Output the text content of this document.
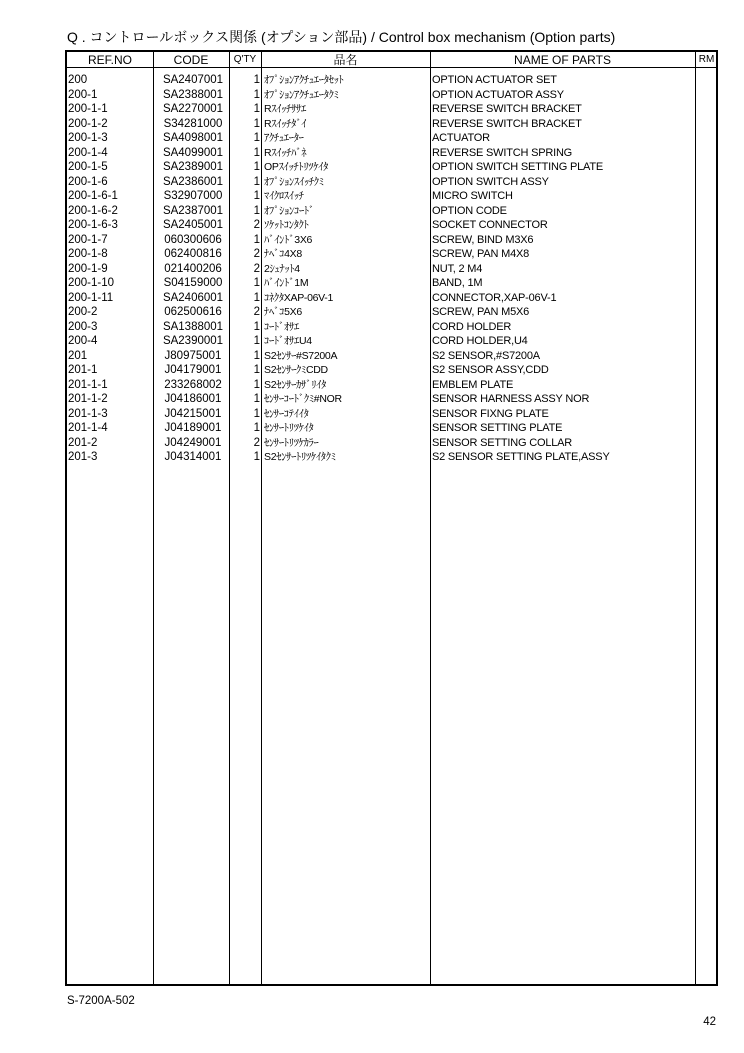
Q . コントロールボックス関係 (オプション部品) / Control box mechanism (Option parts)
REF.NO	CODE	Q'TY	品名	NAME OF PARTS	RM
200	SA2407001	1 ｵﾌﾟｼｮﾝｱｸﾁｭｴｰﾀｾｯﾄ	OPTION ACTUATOR SET
200-1	SA2388001	1 ｵﾌﾟｼｮﾝｱｸﾁｭｴｰﾀｸﾐ	OPTION ACTUATOR ASSY
200-1-1	SA2270001	1 Rｽｲｯﾁｻｻｴ	REVERSE SWITCH BRACKET
200-1-2	S34281000	1 Rｽｲｯﾁﾀﾞｲ	REVERSE SWITCH BRACKET
200-1-3	SA4098001	1 ｱｸﾁｭｴｰﾀｰ	ACTUATOR
200-1-4	SA4099001	1 Rｽｲｯﾁﾊﾞﾈ	REVERSE SWITCH SPRING
200-1-5	SA2389001	1 OPｽｲｯﾁﾄﾘﾂｹｲﾀ	OPTION SWITCH SETTING PLATE
200-1-6	SA2386001	1 ｵﾌﾟｼｮﾝｽｲｯﾁｸﾐ	OPTION SWITCH ASSY
200-1-6-1	S32907000	1 ﾏｲｸﾛｽｲｯﾁ	MICRO SWITCH
200-1-6-2	SA2387001	1 ｵﾌﾟｼｮﾝｺｰﾄﾞ	OPTION CODE
200-1-6-3	SA2405001	2 ｿｹｯﾄｺﾝﾀｸﾄ	SOCKET CONNECTOR
200-1-7	060300606	1 ﾊﾞｲﾝﾄﾞ3X6	SCREW, BIND M3X6
200-1-8	062400816	2 ﾅﾍﾞｺ4X8	SCREW, PAN M4X8
200-1-9	021400206	2 2ｼｭﾅｯﾄ4	NUT, 2 M4
200-1-10	S04159000	1 ﾊﾞｲﾝﾄﾞ1M	BAND, 1M
200-1-11	SA2406001	1 ｺﾈｸﾀXAP-06V-1	CONNECTOR,XAP-06V-1
200-2	062500616	2 ﾅﾍﾞｺ5X6	SCREW, PAN M5X6
200-3	SA1388001	1 ｺｰﾄﾞｵｻｴ	CORD HOLDER
200-4	SA2390001	1 ｺｰﾄﾞｵｻｴU4	CORD HOLDER,U4
201	J80975001	1 S2ｾﾝｻｰ#S7200A	S2 SENSOR,#S7200A
201-1	J04179001	1 S2ｾﾝｻｰｸﾐCDD	S2 SENSOR ASSY,CDD
201-1-1	233268002	1 S2ｾﾝｻｰｶｻﾞﾘｲﾀ	EMBLEM PLATE
201-1-2	J04186001	1 ｾﾝｻｰｺｰﾄﾞｸﾐ#NOR	SENSOR HARNESS ASSY NOR
201-1-3	J04215001	1 ｾﾝｻｰｺﾃｲｲﾀ	SENSOR FIXNG PLATE
201-1-4	J04189001	1 ｾﾝｻｰﾄﾘﾂｹｲﾀ	SENSOR SETTING PLATE
201-2	J04249001	2 ｾﾝｻｰﾄﾘﾂｹｶﾗｰ	SENSOR SETTING COLLAR
201-3	J04314001	1 S2ｾﾝｻｰﾄﾘﾂｹｲﾀｸﾐ	S2 SENSOR SETTING PLATE,ASSY
S-7200A-502
42
